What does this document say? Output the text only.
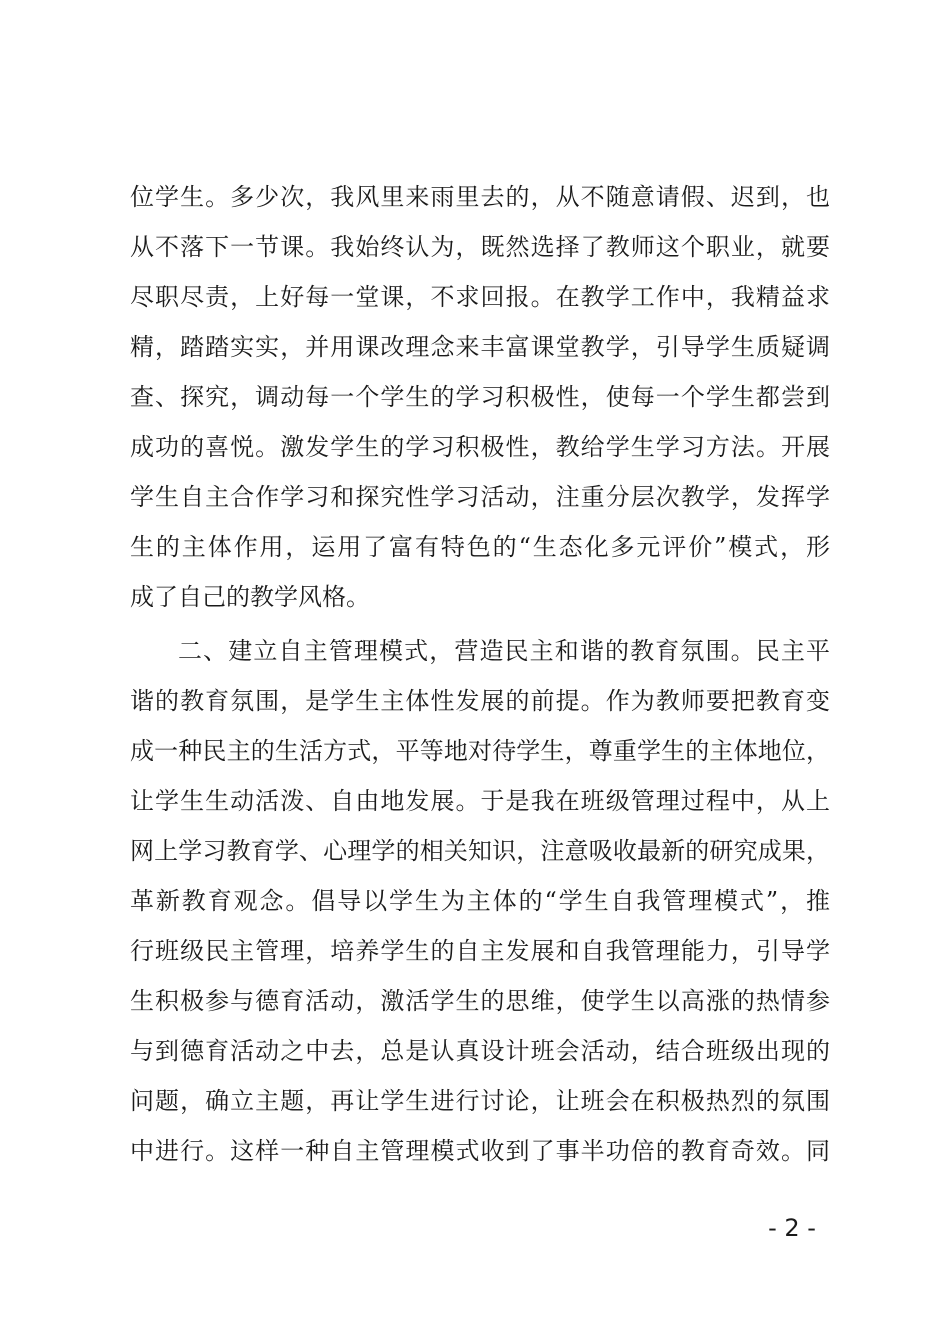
位学生。多少次，我风里来雨里去的，从不随意请假、迟到，也
从不落下一节课。我始终认为，既然选择了教师这个职业，就要
尽职尽责，上好每一堂课，不求回报。在教学工作中，我精益求
精，踏踏实实，并用课改理念来丰富课堂教学，引导学生质疑调
查、探究，调动每一个学生的学习积极性，使每一个学生都尝到
成功的喜悦。激发学生的学习积极性，教给学生学习方法。开展
学生自主合作学习和探究性学习活动，注重分层次教学，发挥学
生的主体作用，运用了富有特色的“生态化多元评价”模式，形
成了自己的教学风格。
二、建立自主管理模式，营造民主和谐的教育氛围。民主平
谐的教育氛围，是学生主体性发展的前提。作为教师要把教育变
成一种民主的生活方式，平等地对待学生，尊重学生的主体地位，
让学生生动活泼、自由地发展。于是我在班级管理过程中，从上
网上学习教育学、心理学的相关知识，注意吸收最新的研究成果，
革新教育观念。倡导以学生为主体的“学生自我管理模式”，推
行班级民主管理，培养学生的自主发展和自我管理能力，引导学
生积极参与德育活动，激活学生的思维，使学生以高涨的热情参
与到德育活动之中去，总是认真设计班会活动，结合班级出现的
问题，确立主题，再让学生进行讨论，让班会在积极热烈的氛围
中进行。这样一种自主管理模式收到了事半功倍的教育奇效。同
- 2 -
